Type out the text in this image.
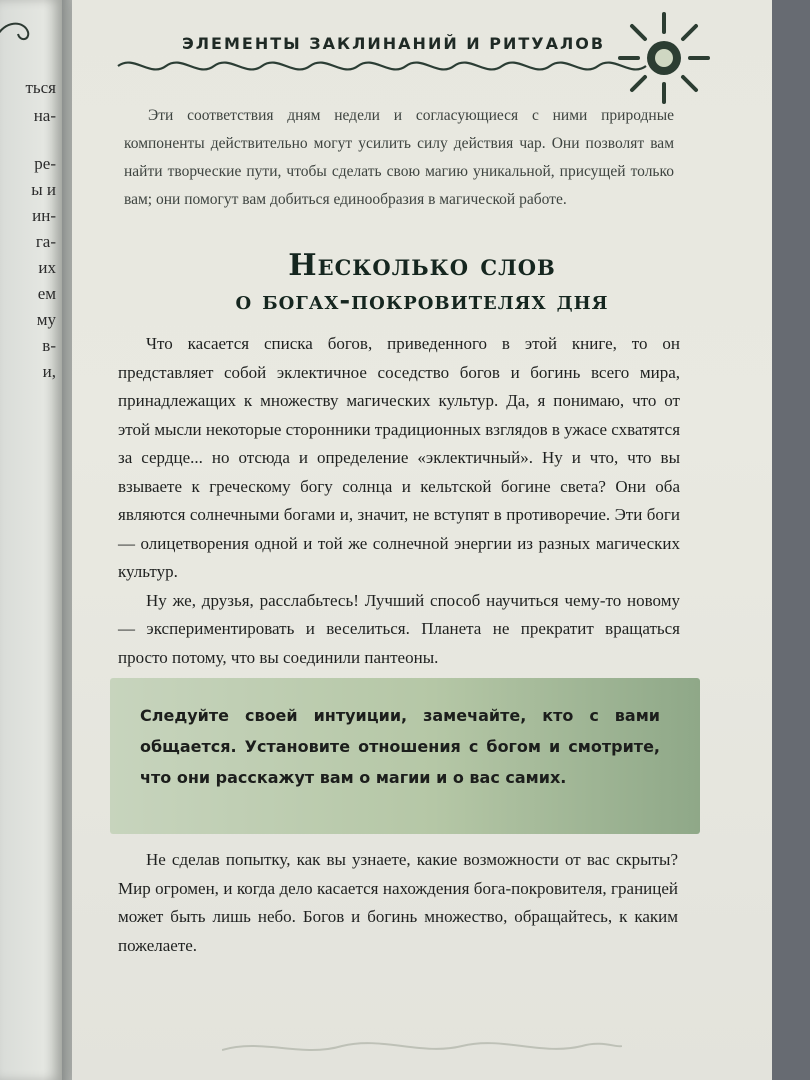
ться
на-
ре-
ы и
ин-
га-
их
ем
му
в-
и,
ЭЛЕМЕНТЫ ЗАКЛИНАНИЙ И РИТУАЛОВ
Эти соответствия дням недели и согласующиеся с ними природные компоненты действительно могут усилить силу действия чар. Они позволят вам найти творческие пути, чтобы сделать свою магию уникальной, присущей только вам; они помогут вам добиться единообразия в магической работе.
Несколько слов
о богах-покровителях дня

Что касается списка богов, приведенного в этой книге, то он представляет собой эклектичное соседство богов и богинь всего мира, принадлежащих к множеству магических культур. Да, я понимаю, что от этой мысли некоторые сторонники традиционных взглядов в ужасе схватятся за сердце... но отсюда и определение «эклектичный». Ну и что, что вы взываете к греческому богу солнца и кельтской богине света? Они оба являются солнечными богами и, значит, не вступят в противоречие. Эти боги — олицетворения одной и той же солнечной энергии из разных магических культур.

Ну же, друзья, расслабьтесь! Лучший способ научиться чему-то новому — экспериментировать и веселиться. Планета не прекратит вращаться просто потому, что вы соединили пантеоны.

Следуйте своей интуиции, замечайте, кто с вами общается. Установите отношения с богом и смотрите, что они расскажут вам о магии и о вас самих.
Не сделав попытку, как вы узнаете, какие возможности от вас скрыты? Мир огромен, и когда дело касается нахождения бога-покровителя, границей может быть лишь небо. Богов и богинь множество, обращайтесь, к каким пожелаете.
